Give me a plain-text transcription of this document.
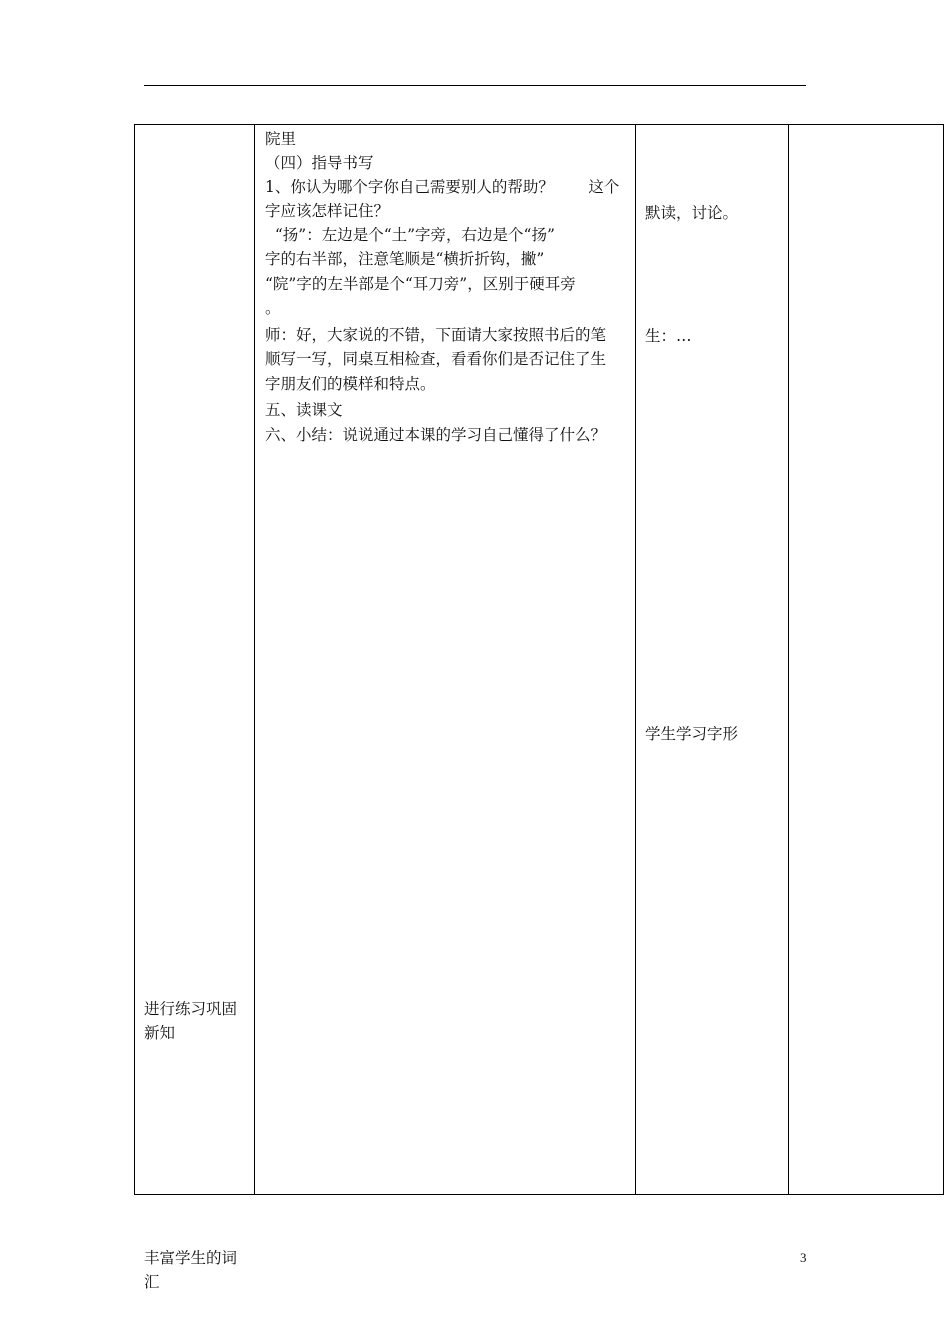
进行练习巩固
新知
丰富学生的词
汇
院里
（四）指导书写
1、你认为哪个字你自己需要别人的帮助？       这个
字应该怎样记住？
“扬”：左边是个“土”字旁，右边是个“扬”
字的右半部，注意笔顺是“横折折钩，撇”
“院”字的左半部是个“耳刀旁”，区别于硬耳旁
。
师：好，大家说的不错，下面请大家按照书后的笔
顺写一写，同桌互相检查，看看你们是否记住了生
字朋友们的模样和特点。
五、读课文
六、小结：说说通过本课的学习自己懂得了什么？
默读，讨论。
生：…
学生学习字形
3
